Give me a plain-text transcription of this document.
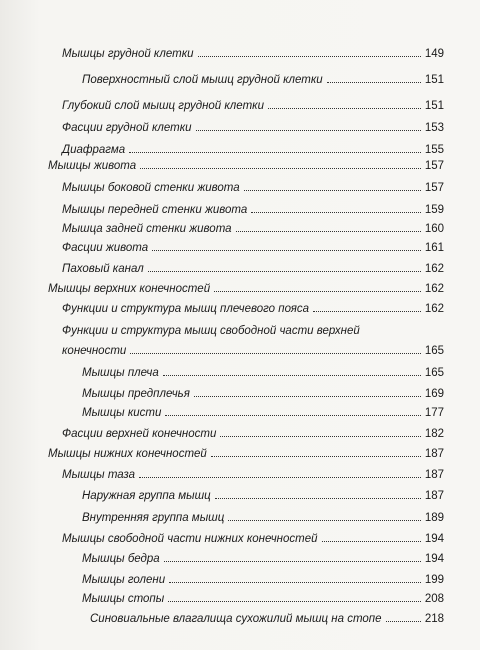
Мышцы грудной клетки	149
Поверхностный слой мышц грудной клетки	151
Глубокий слой мышц грудной клетки	151
Фасции грудной клетки	153
Диафрагма	155
Мышцы живота	157
Мышцы боковой стенки живота	157
Мышцы передней стенки живота	159
Мышца задней стенки живота	160
Фасции живота	161
Паховый канал	162
Мышцы верхних конечностей	162
Функции и структура мышц плечевого пояса	162
Функции и структура мышц свободной части верхней
конечности	165
Мышцы плеча	165
Мышцы предплечья	169
Мышцы кисти	177
Фасции верхней конечности	182
Мышцы нижних конечностей	187
Мышцы таза	187
Наружная группа мышц	187
Внутренняя группа мышц	189
Мышцы свободной части нижних конечностей	194
Мышцы бедра	194
Мышцы голени	199
Мышцы стопы	208
Синовиальные влагалища сухожилий мышц на стопе	218
